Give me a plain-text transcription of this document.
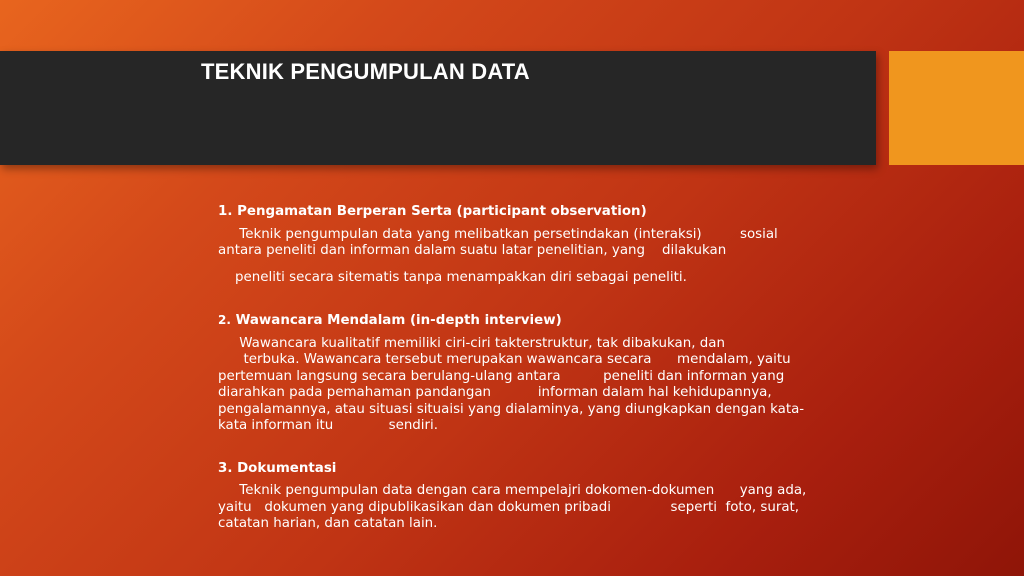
TEKNIK PENGUMPULAN DATA

1. Pengamatan Berperan Serta (participant observation)

Teknik pengumpulan data yang melibatkan persetindakan (interaksi)         sosial

antara peneliti dan informan dalam suatu latar penelitian, yang    dilakukan

peneliti secara sitematis tanpa menampakkan diri sebagai peneliti.

2. Wawancara Mendalam (in-depth interview)

Wawancara kualitatif memiliki ciri-ciri takterstruktur, tak dibakukan, dan

terbuka. Wawancara tersebut merupakan wawancara secara      mendalam, yaitu

pertemuan langsung secara berulang-ulang antara          peneliti dan informan yang

diarahkan pada pemahaman pandangan           informan dalam hal kehidupannya,

pengalamannya, atau situasi situaisi yang dialaminya, yang diungkapkan dengan kata-

kata informan itu             sendiri.

3. Dokumentasi

Teknik pengumpulan data dengan cara mempelajri dokomen-dokumen      yang ada,

yaitu   dokumen yang dipublikasikan dan dokumen pribadi              seperti  foto, surat,

catatan harian, dan catatan lain.
